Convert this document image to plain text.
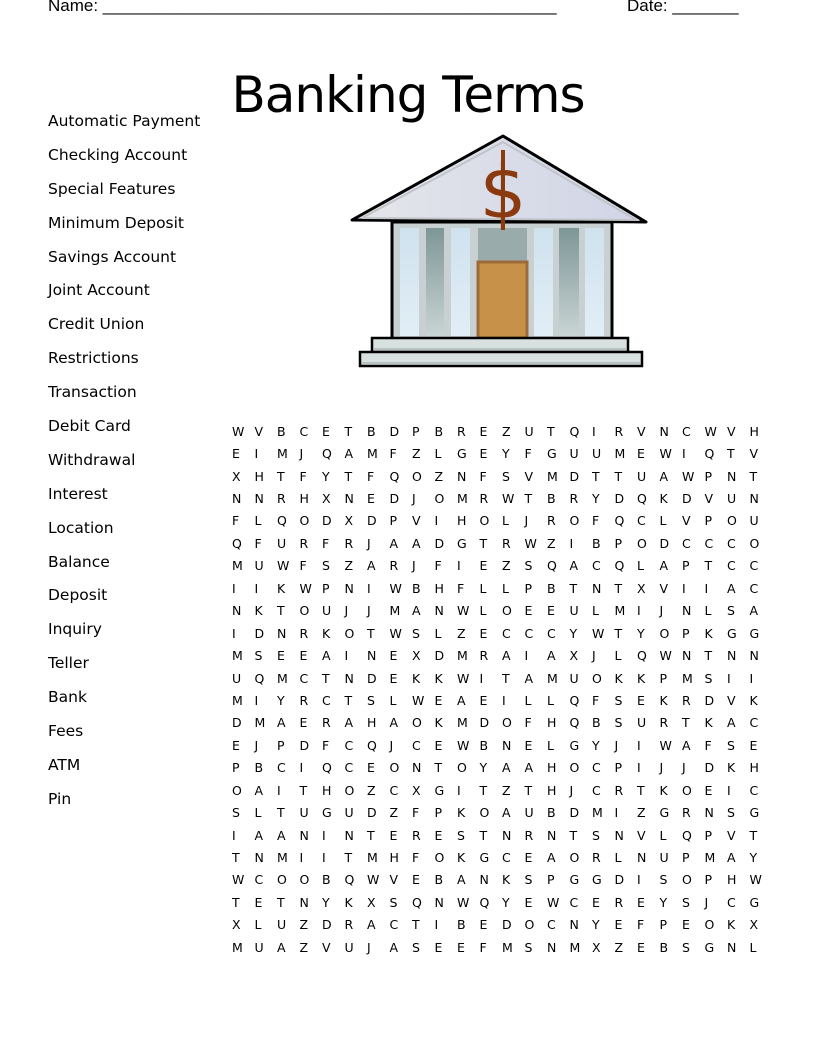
Name: ________________________________________________	Date: _______
Banking Terms
Automatic Payment
Checking Account
Special Features
Minimum Deposit
Savings Account
Joint Account
Credit Union
Restrictions
Transaction
Debit Card
Withdrawal
Interest
Location
Balance
Deposit
Inquiry
Teller
Bank
Fees
ATM
Pin
$
W	V	B	C	E	T	B	D	P	B	R	E	Z	U	T	Q	I	R	V	N	C	W	V	H
E	I	M	J	Q	A	M	F	Z	L	G	E	Y	F	G	U	U	M	E	W	I	Q	T	V
X	H	T	F	Y	T	F	Q	O	Z	N	F	S	V	M	D	T	T	U	A	W	P	N	T
N	N	R	H	X	N	E	D	J	O	M	R	W	T	B	R	Y	D	Q	K	D	V	U	N
F	L	Q	O	D	X	D	P	V	I	H	O	L	J	R	O	F	Q	C	L	V	P	O	U
Q	F	U	R	F	R	J	A	A	D	G	T	R	W	Z	I	B	P	O	D	C	C	C	O
M	U	W	F	S	Z	A	R	J	F	I	E	Z	S	Q	A	C	Q	L	A	P	T	C	C
I	I	K	W	P	N	I	W	B	H	F	L	L	P	B	T	N	T	X	V	I	I	A	C
N	K	T	O	U	J	J	M	A	N	W	L	O	E	E	U	L	M	I	J	N	L	S	A
I	D	N	R	K	O	T	W	S	L	Z	E	C	C	C	Y	W	T	Y	O	P	K	G	G
M	S	E	E	A	I	N	E	X	D	M	R	A	I	A	X	J	L	Q	W	N	T	N	N
U	Q	M	C	T	N	D	E	K	K	W	I	T	A	M	U	O	K	K	P	M	S	I	I
M	I	Y	R	C	T	S	L	W	E	A	E	I	L	L	Q	F	S	E	K	R	D	V	K
D	M	A	E	R	A	H	A	O	K	M	D	O	F	H	Q	B	S	U	R	T	K	A	C
E	J	P	D	F	C	Q	J	C	E	W	B	N	E	L	G	Y	J	I	W	A	F	S	E
P	B	C	I	Q	C	E	O	N	T	O	Y	A	A	H	O	C	P	I	J	J	D	K	H
O	A	I	T	H	O	Z	C	X	G	I	T	Z	T	H	J	C	R	T	K	O	E	I	C
S	L	T	U	G	U	D	Z	F	P	K	O	A	U	B	D	M	I	Z	G	R	N	S	G
I	A	A	N	I	N	T	E	R	E	S	T	N	R	N	T	S	N	V	L	Q	P	V	T
T	N	M	I	I	T	M	H	F	O	K	G	C	E	A	O	R	L	N	U	P	M	A	Y
W	C	O	O	B	Q	W	V	E	B	A	N	K	S	P	G	G	D	I	S	O	P	H	W
T	E	T	N	Y	K	X	S	Q	N	W	Q	Y	E	W	C	E	R	E	Y	S	J	C	G
X	L	U	Z	D	R	A	C	T	I	B	E	D	O	C	N	Y	E	F	P	E	O	K	X
M	U	A	Z	V	U	J	A	S	E	E	F	M	S	N	M	X	Z	E	B	S	G	N	L
